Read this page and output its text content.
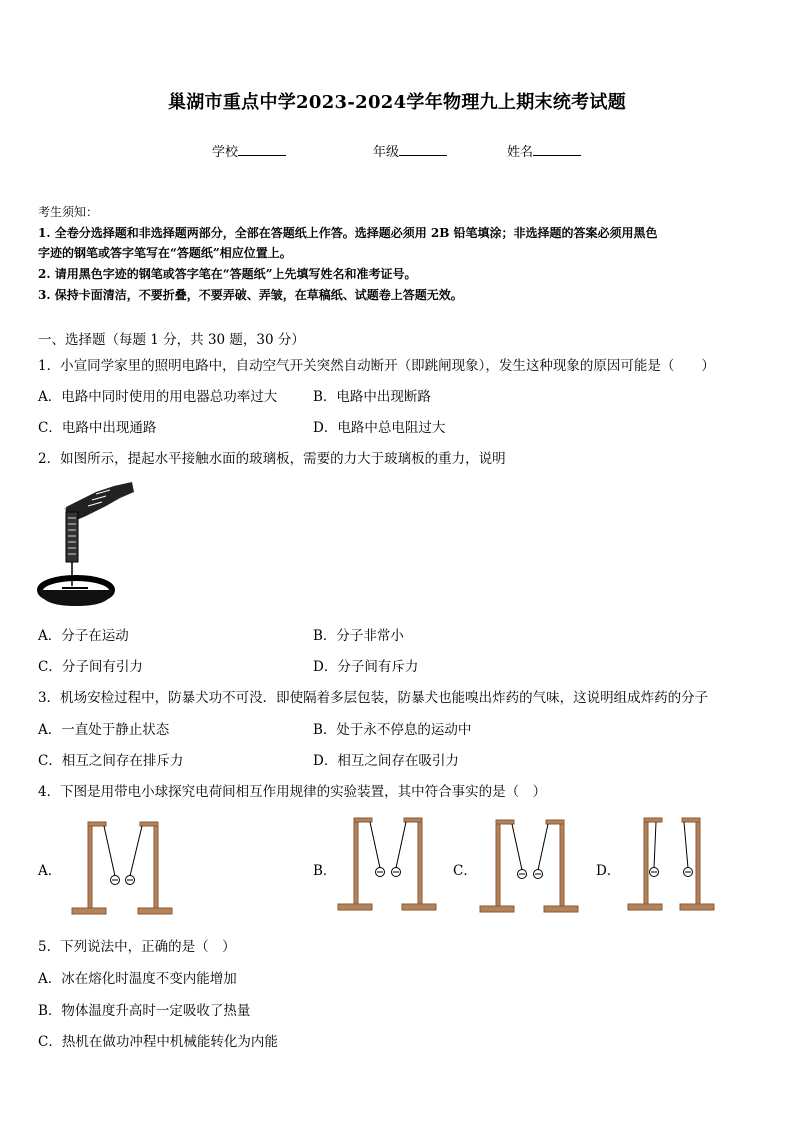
巢湖市重点中学2023-2024学年物理九上期末统考试题
学校	年级	姓名
考生须知：
1. 全卷分选择题和非选择题两部分，全部在答题纸上作答。选择题必须用 2B 铅笔填涂；非选择题的答案必须用黑色
字迹的钢笔或答字笔写在“答题纸”相应位置上。
2. 请用黑色字迹的钢笔或答字笔在“答题纸”上先填写姓名和准考证号。
3. 保持卡面清洁，不要折叠，不要弄破、弄皱，在草稿纸、试题卷上答题无效。
一、选择题（每题 1 分，共 30 题，30 分）
1．小宣同学家里的照明电路中，自动空气开关突然自动断开（即跳闸现象），发生这种现象的原因可能是（　　）
A．电路中同时使用的用电器总功率过大	B．电路中出现断路
C．电路中出现通路	D．电路中总电阻过大
2．如图所示，提起水平接触水面的玻璃板，需要的力大于玻璃板的重力，说明
A．分子在运动	B．分子非常小
C．分子间有引力	D．分子间有斥力
3．机场安检过程中，防暴犬功不可没．即使隔着多层包装，防暴犬也能嗅出炸药的气味，这说明组成炸药的分子
A．一直处于静止状态	B．处于永不停息的运动中
C．相互之间存在排斥力	D．相互之间存在吸引力
4．下图是用带电小球探究电荷间相互作用规律的实验装置，其中符合事实的是（　）
A．	B．	C．	D．
5．下列说法中，正确的是（　）
A．冰在熔化时温度不变内能增加
B．物体温度升高时一定吸收了热量
C．热机在做功冲程中机械能转化为内能
